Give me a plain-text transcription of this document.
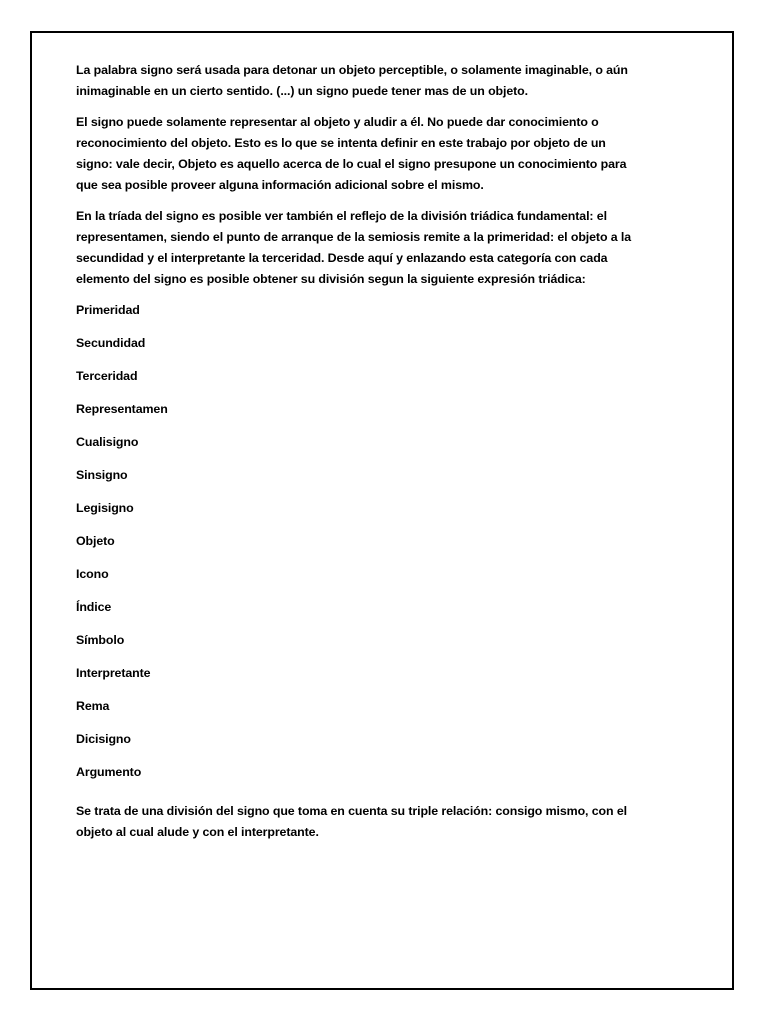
La palabra signo será usada para detonar un objeto perceptible, o solamente imaginable, o aún inimaginable en un cierto sentido. (...) un signo puede tener mas de un objeto.

El signo puede solamente representar al objeto y aludir a él. No puede dar conocimiento o reconocimiento del objeto. Esto es lo que se intenta definir en este trabajo por objeto de un signo: vale decir, Objeto es aquello acerca de lo cual el signo presupone un conocimiento para que sea posible proveer alguna información adicional sobre el mismo.

En la tríada del signo es posible ver también el reflejo de la división triádica fundamental: el representamen, siendo el punto de arranque de la semiosis remite a la primeridad: el objeto a la secundidad y el interpretante la terceridad. Desde aquí y enlazando esta categoría con cada elemento del signo es posible obtener su división segun la siguiente expresión triádica:

Primeridad
Secundidad
Terceridad
Representamen
Cualisigno
Sinsigno
Legisigno
Objeto
Icono
Índice
Símbolo
Interpretante
Rema
Dicisigno
Argumento

Se trata de una división del signo que toma en cuenta su triple relación: consigo mismo, con el objeto al cual alude y con el interpretante.
